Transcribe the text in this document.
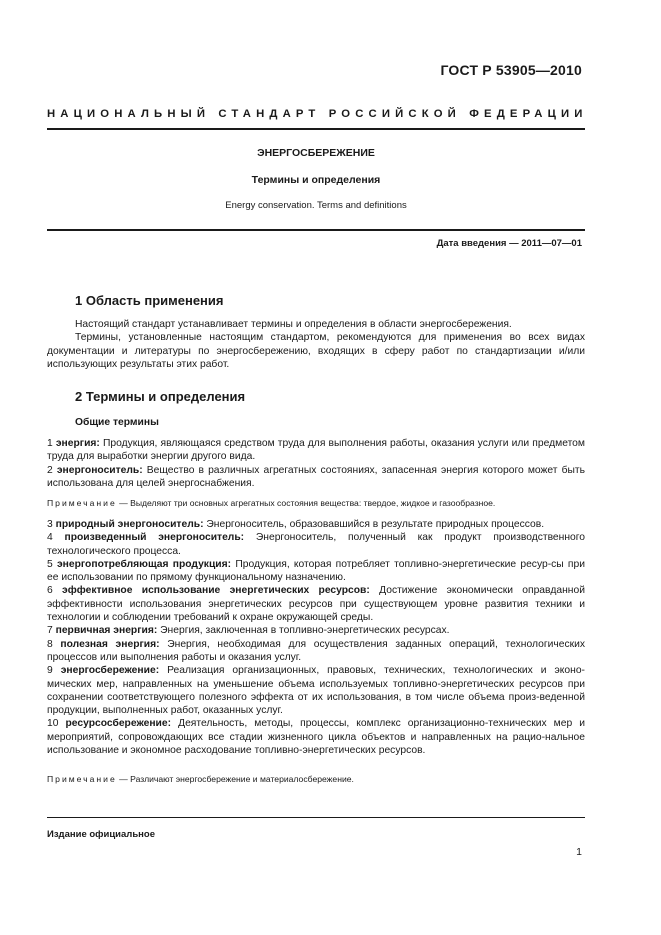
ГОСТ Р 53905—2010
НАЦИОНАЛЬНЫЙ СТАНДАРТ РОССИЙСКОЙ ФЕДЕРАЦИИ
ЭНЕРГОСБЕРЕЖЕНИЕ
Термины и определения
Energy conservation. Terms and definitions
Дата введения — 2011—07—01
1 Область применения

Настоящий стандарт устанавливает термины и определения в области энергосбережения.

Термины, установленные настоящим стандартом, рекомендуются для применения во всех видах документации и литературы по энергосбережению, входящих в сферу работ по стандартизации и/или использующих результаты этих работ.

2 Термины и определения
Общие термины

1 энергия: Продукция, являющаяся средством труда для выполнения работы, оказания услуги или предметом труда для выработки энергии другого вида.

2 энергоноситель: Вещество в различных агрегатных состояниях, запасенная энергия которого может быть использована для целей энергоснабжения.

Примечание — Выделяют три основных агрегатных состояния вещества: твердое, жидкое и газообразное.

3 природный энергоноситель: Энергоноситель, образовавшийся в результате природных процессов.

4 произведенный энергоноситель: Энергоноситель, полученный как продукт производственного технологического процесса.

5 энергопотребляющая продукция: Продукция, которая потребляет топливно-энергетические ресур-сы при ее использовании по прямому функциональному назначению.

6 эффективное использование энергетических ресурсов: Достижение экономически оправданной эффективности использования энергетических ресурсов при существующем уровне развития техники и технологии и соблюдении требований к охране окружающей среды.

7 первичная энергия: Энергия, заключенная в топливно-энергетических ресурсах.

8 полезная энергия: Энергия, необходимая для осуществления заданных операций, технологических процессов или выполнения работы и оказания услуг.

9 энергосбережение: Реализация организационных, правовых, технических, технологических и эконо-мических мер, направленных на уменьшение объема используемых топливно-энергетических ресурсов при сохранении соответствующего полезного эффекта от их использования, в том числе объема произ-веденной продукции, выполненных работ, оказанных услуг.

10 ресурсосбережение: Деятельность, методы, процессы, комплекс организационно-технических мер и мероприятий, сопровождающих все стадии жизненного цикла объектов и направленных на рацио-нальное использование и экономное расходование топливно-энергетических ресурсов.

Примечание — Различают энергосбережение и материалосбережение.
Издание официальное
1
